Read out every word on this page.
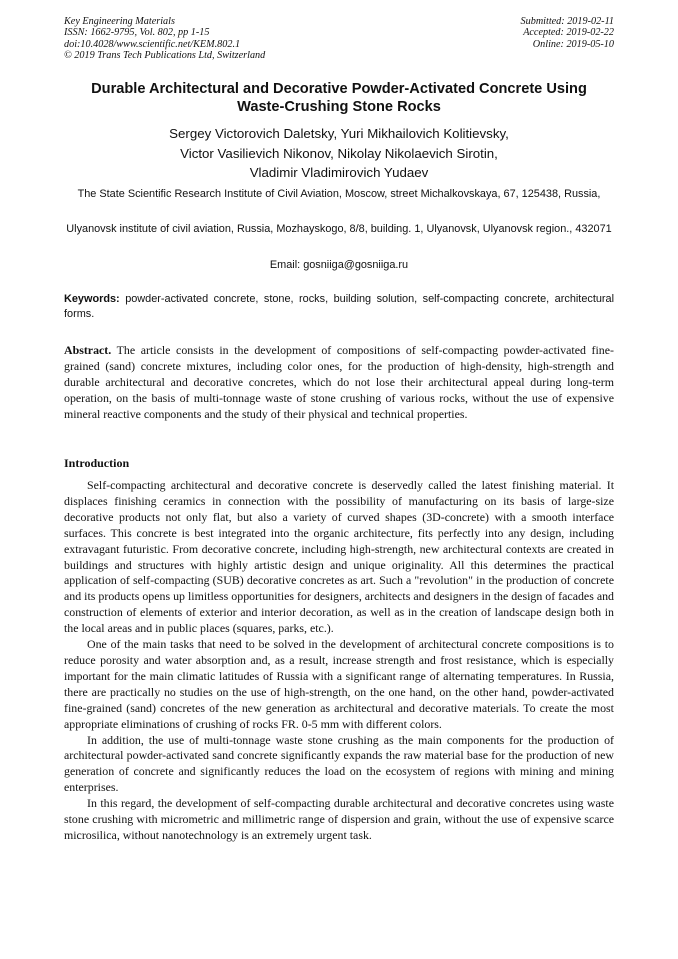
Key Engineering Materials
ISSN: 1662-9795, Vol. 802, pp 1-15
doi:10.4028/www.scientific.net/KEM.802.1
© 2019 Trans Tech Publications Ltd, Switzerland
Submitted: 2019-02-11
Accepted: 2019-02-22
Online: 2019-05-10
Durable Architectural and Decorative Powder-Activated Concrete Using
Waste-Crushing Stone Rocks
Sergey Victorovich Daletsky, Yuri Mikhailovich Kolitievsky,
Victor Vasilievich Nikonov, Nikolay Nikolaevich Sirotin,
Vladimir Vladimirovich Yudaev
The State Scientific Research Institute of Civil Aviation, Moscow, street Michalkovskaya, 67, 125438, Russia,
Ulyanovsk institute of civil aviation, Russia, Mozhayskogo, 8/8, building. 1, Ulyanovsk, Ulyanovsk region., 432071
Email: gosniiga@gosniiga.ru
Keywords: powder-activated concrete, stone, rocks, building solution, self-compacting concrete, architectural forms.
Abstract. The article consists in the development of compositions of self-compacting powder-activated fine-grained (sand) concrete mixtures, including color ones, for the production of high-density, high-strength and durable architectural and decorative concretes, which do not lose their architectural appeal during long-term operation, on the basis of multi-tonnage waste of stone crushing of various rocks, without the use of expensive mineral reactive components and the study of their physical and technical properties.
Introduction

Self-compacting architectural and decorative concrete is deservedly called the latest finishing material. It displaces finishing ceramics in connection with the possibility of manufacturing on its basis of large-size decorative products not only flat, but also a variety of curved shapes (3D-concrete) with a smooth interface surfaces. This concrete is best integrated into the organic architecture, fits perfectly into any design, including extravagant futuristic. From decorative concrete, including high-strength, new architectural contexts are created in buildings and structures with highly artistic design and unique originality. All this determines the practical application of self-compacting (SUB) decorative concretes as art. Such a "revolution" in the production of concrete and its products opens up limitless opportunities for designers, architects and designers in the design of facades and construction of elements of exterior and interior decoration, as well as in the creation of landscape design both in the local areas and in public places (squares, parks, etc.).

One of the main tasks that need to be solved in the development of architectural concrete compositions is to reduce porosity and water absorption and, as a result, increase strength and frost resistance, which is especially important for the main climatic latitudes of Russia with a significant range of alternating temperatures. In Russia, there are practically no studies on the use of high-strength, on the one hand, on the other hand, powder-activated fine-grained (sand) concretes of the new generation as architectural and decorative materials. To create the most appropriate eliminations of crushing of rocks FR. 0-5 mm with different colors.

In addition, the use of multi-tonnage waste stone crushing as the main components for the production of architectural powder-activated sand concrete significantly expands the raw material base for the production of new generation of concrete and significantly reduces the load on the ecosystem of regions with mining and mining enterprises.

In this regard, the development of self-compacting durable architectural and decorative concretes using waste stone crushing with micrometric and millimetric range of dispersion and grain, without the use of expensive scarce microsilica, without nanotechnology is an extremely urgent task.
